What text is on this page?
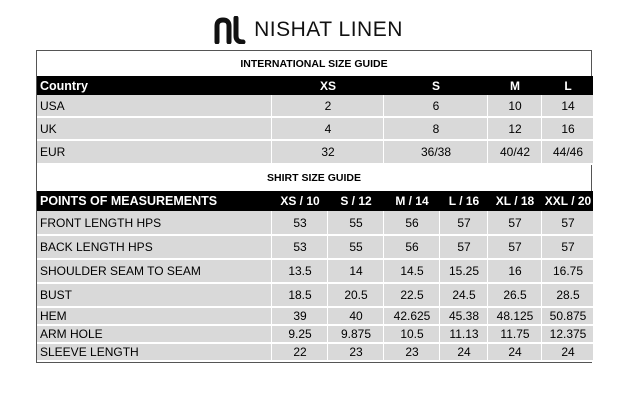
NISHAT LINEN
INTERNATIONAL SIZE GUIDE
Country	XS	S	M	L
USA	2	6	10	14
UK	4	8	12	16
EUR	32	36/38	40/42	44/46
SHIRT SIZE GUIDE
POINTS OF MEASUREMENTS	XS / 10	S / 12	M / 14	L / 16	XL / 18	XXL / 20
FRONT LENGTH HPS	53	55	56	57	57	57
BACK LENGTH HPS	53	55	56	57	57	57
SHOULDER SEAM TO SEAM	13.5	14	14.5	15.25	16	16.75
BUST	18.5	20.5	22.5	24.5	26.5	28.5
HEM	39	40	42.625	45.38	48.125	50.875
ARM HOLE	9.25	9.875	10.5	11.13	11.75	12.375
SLEEVE LENGTH	22	23	23	24	24	24
